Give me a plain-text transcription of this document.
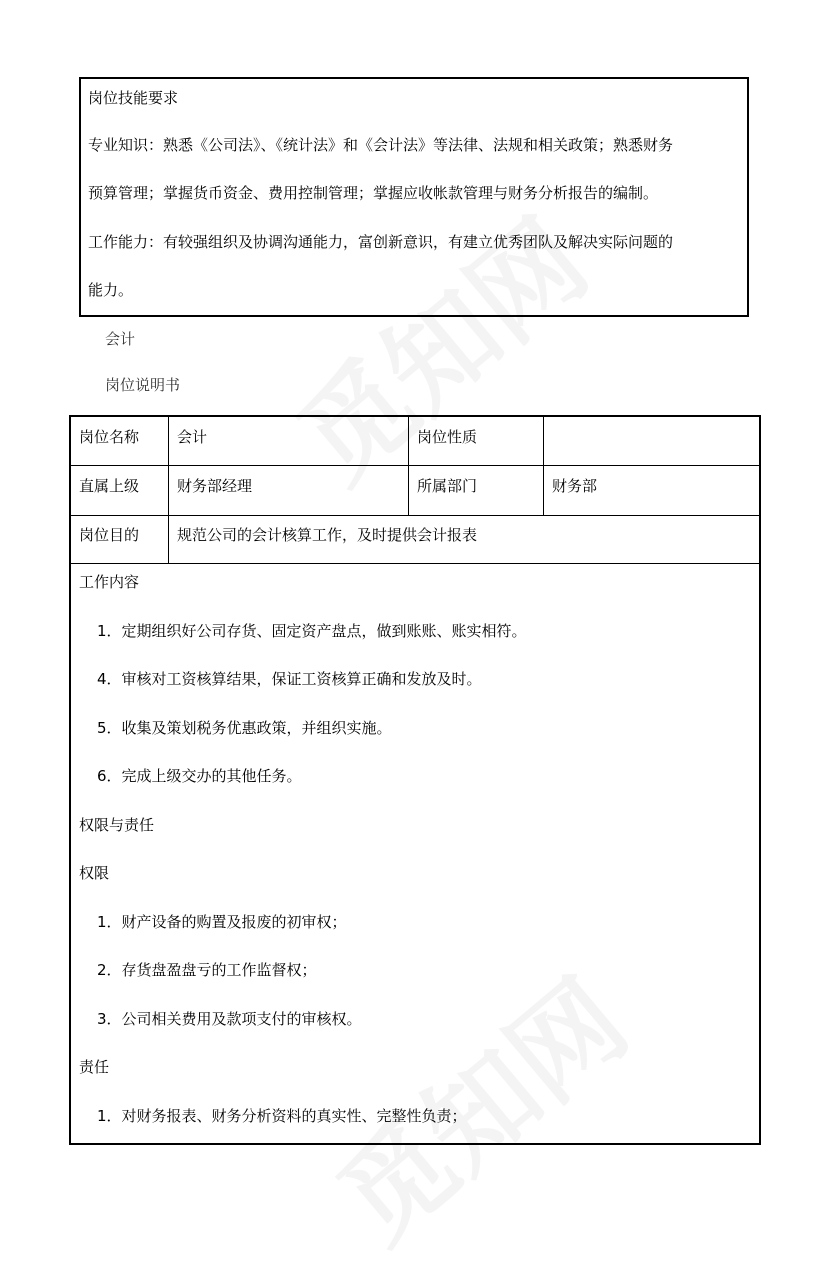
岗位技能要求
专业知识：熟悉《公司法》、《统计法》和《会计法》等法律、法规和相关政策；熟悉财务
预算管理；掌握货币资金、费用控制管理；掌握应收帐款管理与财务分析报告的编制。
工作能力：有较强组织及协调沟通能力，富创新意识，有建立优秀团队及解决实际问题的
能力。
会计
岗位说明书
岗位名称	会计	岗位性质
直属上级	财务部经理	所属部门	财务部
岗位目的	规范公司的会计核算工作，及时提供会计报表
工作内容
1．定期组织好公司存货、固定资产盘点，做到账账、账实相符。
4．审核对工资核算结果，保证工资核算正确和发放及时。
5．收集及策划税务优惠政策，并组织实施。
6．完成上级交办的其他任务。
权限与责任
权限
1．财产设备的购置及报废的初审权；
2．存货盘盈盘亏的工作监督权；
3．公司相关费用及款项支付的审核权。
责任
1．对财务报表、财务分析资料的真实性、完整性负责；
